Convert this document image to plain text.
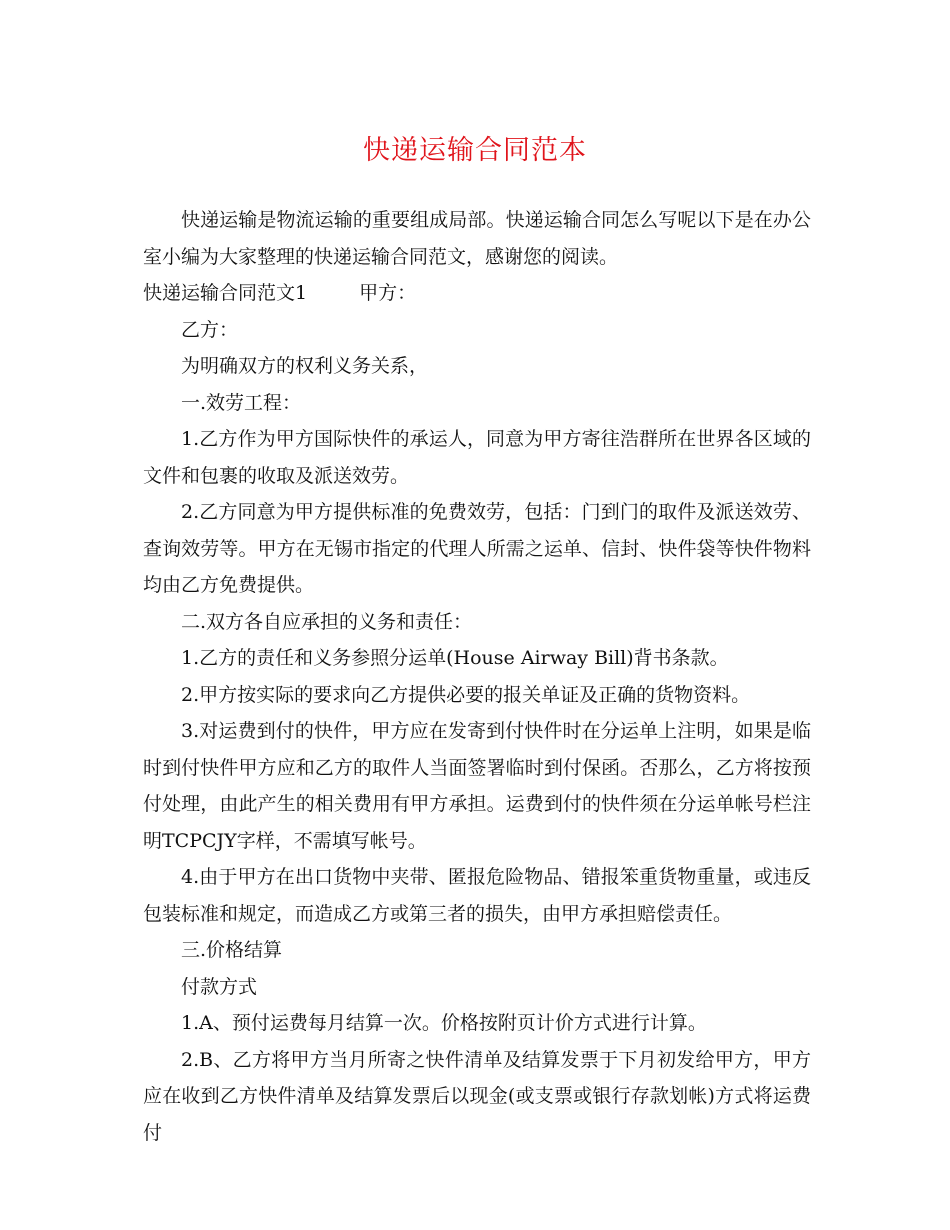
快递运输合同范本

快递运输是物流运输的重要组成局部。快递运输合同怎么写呢以下是在办公室小编为大家整理的快递运输合同范文，感谢您的阅读。

快递运输合同范文1	甲方：

乙方：

为明确双方的权利义务关系，

一.效劳工程：

1.乙方作为甲方国际快件的承运人，同意为甲方寄往浩群所在世界各区域的文件和包裹的收取及派送效劳。

2.乙方同意为甲方提供标准的免费效劳，包括：门到门的取件及派送效劳、查询效劳等。甲方在无锡市指定的代理人所需之运单、信封、快件袋等快件物料均由乙方免费提供。

二.双方各自应承担的义务和责任：

1.乙方的责任和义务参照分运单(House Airway Bill)背书条款。

2.甲方按实际的要求向乙方提供必要的报关单证及正确的货物资料。

3.对运费到付的快件，甲方应在发寄到付快件时在分运单上注明，如果是临时到付快件甲方应和乙方的取件人当面签署临时到付保函。否那么，乙方将按预付处理，由此产生的相关费用有甲方承担。运费到付的快件须在分运单帐号栏注明TCPCJY字样，不需填写帐号。

4.由于甲方在出口货物中夹带、匿报危险物品、错报笨重货物重量，或违反包装标准和规定，而造成乙方或第三者的损失，由甲方承担赔偿责任。

三.价格结算

付款方式

1.A、预付运费每月结算一次。价格按附页计价方式进行计算。

2.B、乙方将甲方当月所寄之快件清单及结算发票于下月初发给甲方，甲方应在收到乙方快件清单及结算发票后以现金(或支票或银行存款划帐)方式将运费付
